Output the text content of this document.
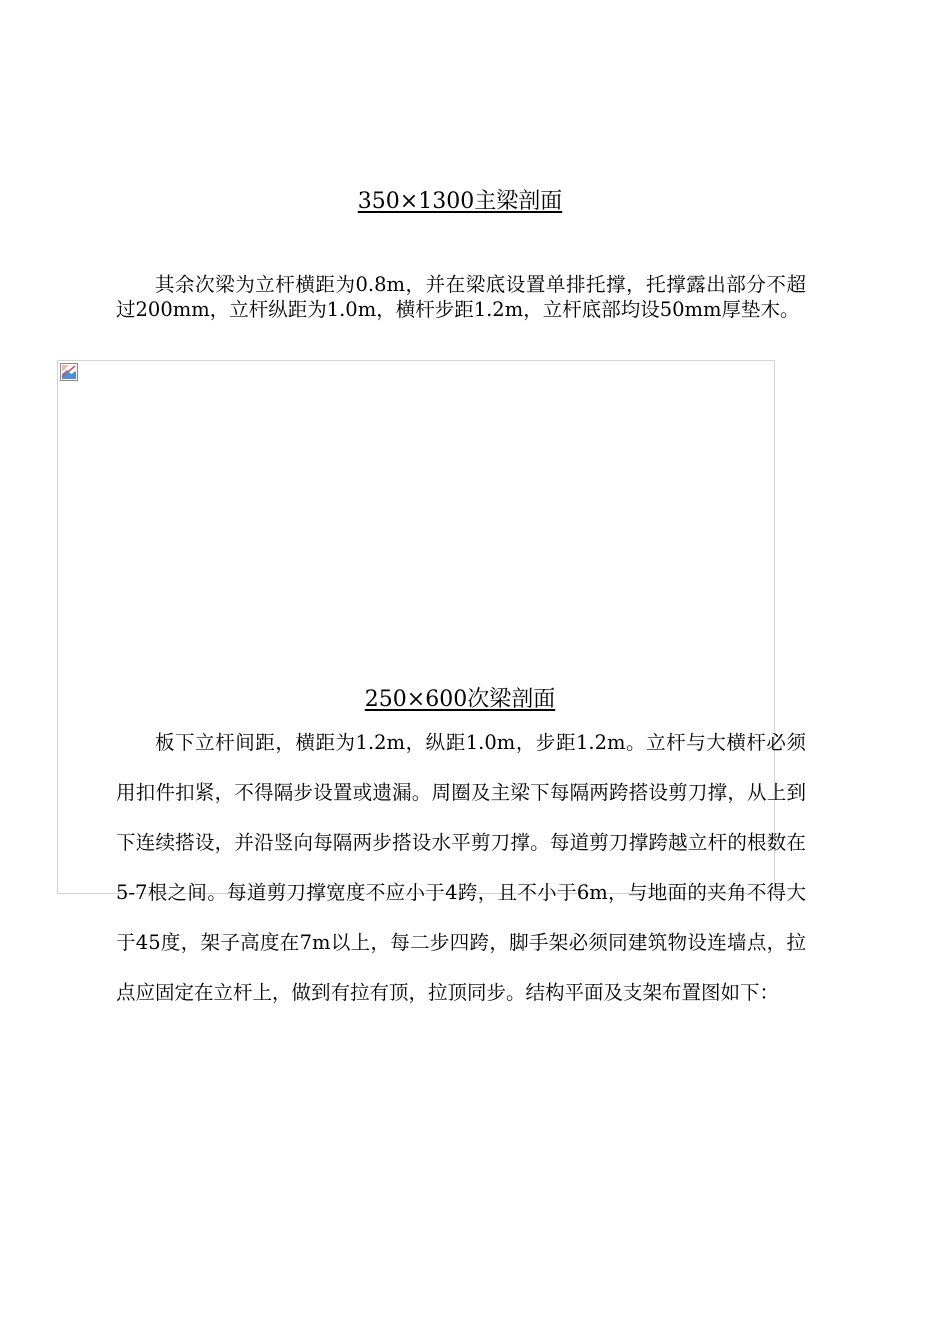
350×1300主梁剖面

其余次梁为立杆横距为0.8m，并在梁底设置单排托撑，托撑露出部分不超过200mm，立杆纵距为1.0m，横杆步距1.2m，立杆底部均设50mm厚垫木。

250×600次梁剖面

板下立杆间距，横距为1.2m，纵距1.0m，步距1.2m。立杆与大横杆必须用扣件扣紧，不得隔步设置或遗漏。周圈及主梁下每隔两跨搭设剪刀撑，从上到下连续搭设，并沿竖向每隔两步搭设水平剪刀撑。每道剪刀撑跨越立杆的根数在5-7根之间。每道剪刀撑宽度不应小于4跨，且不小于6m，与地面的夹角不得大于45度，架子高度在7m以上，每二步四跨，脚手架必须同建筑物设连墙点，拉点应固定在立杆上，做到有拉有顶，拉顶同步。结构平面及支架布置图如下：
